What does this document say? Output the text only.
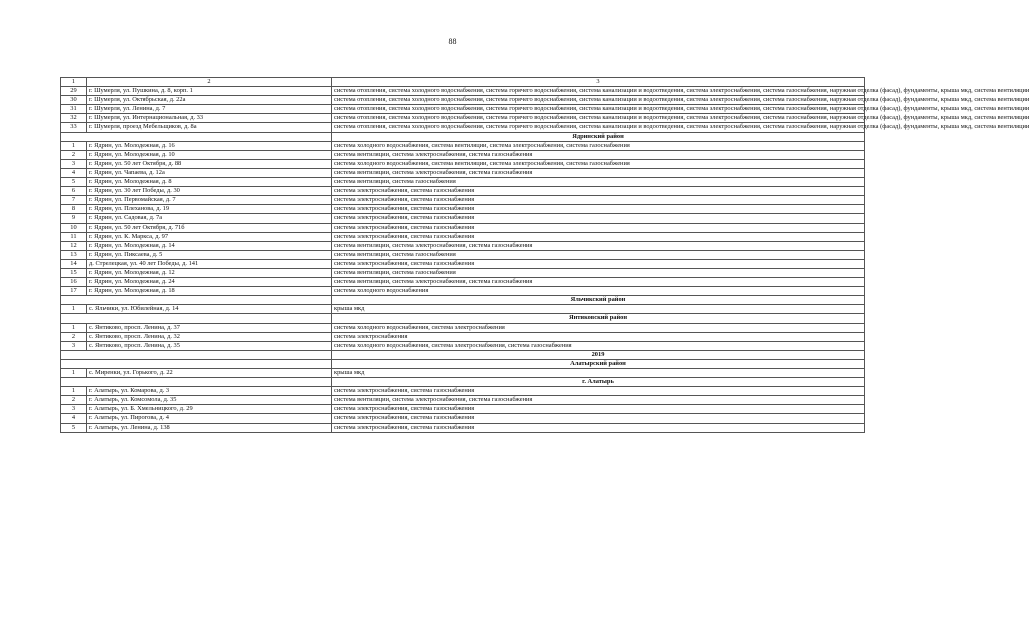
88
1	2	3
29	г. Шумерля, ул. Пушкина, д. 8, корп. 1	система отопления, система холодного водоснабжения, система горячего водоснабжения, система канализации и водоотведения, система электроснабжения, система газоснабжения, наружная отделка (фасад), фундаменты, крыша мкд, система вентиляции
30	г. Шумерля, ул. Октябрьская, д. 22а	система отопления, система холодного водоснабжения, система горячего водоснабжения, система канализации и водоотведения, система электроснабжения, система газоснабжения, наружная отделка (фасад), фундаменты, крыша мкд, система вентиляции
31	г. Шумерля, ул. Ленина, д. 7	система отопления, система холодного водоснабжения, система горячего водоснабжения, система канализации и водоотведения, система электроснабжения, система газоснабжения, наружная отделка (фасад), фундаменты, крыша мкд, система вентиляции
32	г. Шумерля, ул. Интернациональная, д. 33	система отопления, система холодного водоснабжения, система горячего водоснабжения, система канализации и водоотведения, система электроснабжения, система газоснабжения, наружная отделка (фасад), фундаменты, крыша мкд, система вентиляции
33	г. Шумерля, проезд Мебельщиков, д. 8а	система отопления, система холодного водоснабжения, система горячего водоснабжения, система канализации и водоотведения, система электроснабжения, система газоснабжения, наружная отделка (фасад), фундаменты, крыша мкд, система вентиляции
		Ядринский район
1	г. Ядрин, ул. Молодежная, д. 16	система холодного водоснабжения, система вентиляции, система электроснабжения, система газоснабжения
2	г. Ядрин, ул. Молодежная, д. 10	система вентиляции, система электроснабжения, система газоснабжения
3	г. Ядрин, ул. 50 лет Октября, д. 88	система холодного водоснабжения, система вентиляции, система электроснабжения, система газоснабжения
4	г. Ядрин, ул. Чапаева, д. 12а	система вентиляции, система электроснабжения, система газоснабжения
5	г. Ядрин, ул. Молодежная, д. 8	система вентиляции, система газоснабжения
6	г. Ядрин, ул. 30 лет Победы, д. 30	система электроснабжения, система газоснабжения
7	г. Ядрин, ул. Первомайская, д. 7	система электроснабжения, система газоснабжения
8	г. Ядрин, ул. Плеханова, д. 19	система электроснабжения, система газоснабжения
9	г. Ядрин, ул. Садовая, д. 7а	система электроснабжения, система газоснабжения
10	г. Ядрин, ул. 50 лет Октября, д. 71б	система электроснабжения, система газоснабжения
11	г. Ядрин, ул. К. Маркса, д. 97	система электроснабжения, система газоснабжения
12	г. Ядрин, ул. Молодежная, д. 14	система вентиляции, система электроснабжения, система газоснабжения
13	г. Ядрин, ул. Пиксаева, д. 5	система вентиляции, система газоснабжения
14	д. Стрелецкая, ул. 40 лет Победы, д. 141	система электроснабжения, система газоснабжения
15	г. Ядрин, ул. Молодежная, д. 12	система вентиляции, система газоснабжения
16	г. Ядрин, ул. Молодежная, д. 24	система вентиляции, система электроснабжения, система газоснабжения
17	г. Ядрин, ул. Молодежная, д. 18	система холодного водоснабжения
		Яльчикский район
1	с. Яльчики, ул. Юбилейная, д. 14	крыша мкд
		Янтиковский район
1	с. Янтиково, просп. Ленина, д. 37	система холодного водоснабжения, система электроснабжения
2	с. Янтиково, просп. Ленина, д. 32	система электроснабжения
3	с. Янтиково, просп. Ленина, д. 35	система холодного водоснабжения, система электроснабжения, система газоснабжения
		2019
		Алатырский район
1	с. Миренки, ул. Горького, д. 22	крыша мкд
		г. Алатырь
1	г. Алатырь, ул. Комарова, д. 3	система электроснабжения, система газоснабжения
2	г. Алатырь, ул. Комсомола, д. 35	система вентиляции, система электроснабжения, система газоснабжения
3	г. Алатырь, ул. Б. Хмельницкого, д. 29	система электроснабжения, система газоснабжения
4	г. Алатырь, ул. Пирогова, д. 4	система электроснабжения, система газоснабжения
5	г. Алатырь, ул. Ленина, д. 138	система электроснабжения, система газоснабжения
